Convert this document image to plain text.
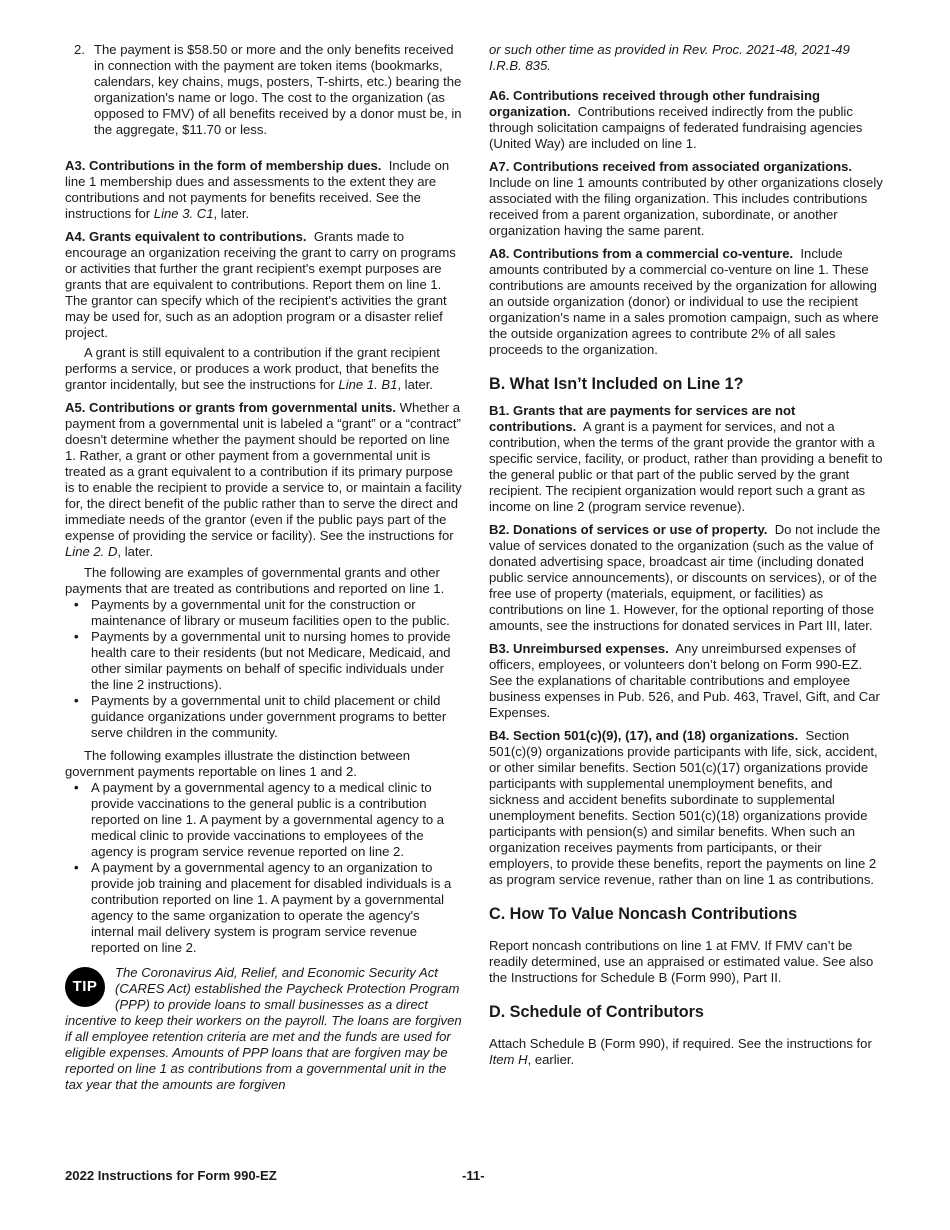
2. The payment is $58.50 or more and the only benefits received in connection with the payment are token items (bookmarks, calendars, key chains, mugs, posters, T-shirts, etc.) bearing the organization's name or logo. The cost to the organization (as opposed to FMV) of all benefits received by a donor must be, in the aggregate, $11.70 or less.

A3. Contributions in the form of membership dues. Include on line 1 membership dues and assessments to the extent they are contributions and not payments for benefits received. See the instructions for Line 3. C1, later.

A4. Grants equivalent to contributions. Grants made to encourage an organization receiving the grant to carry on programs or activities that further the grant recipient's exempt purposes are grants that are equivalent to contributions. Report them on line 1. The grantor can specify which of the recipient's activities the grant may be used for, such as an adoption program or a disaster relief project.

A grant is still equivalent to a contribution if the grant recipient performs a service, or produces a work product, that benefits the grantor incidentally, but see the instructions for Line 1. B1, later.

A5. Contributions or grants from governmental units. Whether a payment from a governmental unit is labeled a “grant” or a “contract” doesn't determine whether the payment should be reported on line 1. Rather, a grant or other payment from a governmental unit is treated as a grant equivalent to a contribution if its primary purpose is to enable the recipient to provide a service to, or maintain a facility for, the direct benefit of the public rather than to serve the direct and immediate needs of the grantor (even if the public pays part of the expense of providing the service or facility). See the instructions for Line 2. D, later.

The following are examples of governmental grants and other payments that are treated as contributions and reported on line 1.

• Payments by a governmental unit for the construction or maintenance of library or museum facilities open to the public.
• Payments by a governmental unit to nursing homes to provide health care to their residents (but not Medicare, Medicaid, and other similar payments on behalf of specific individuals under the line 2 instructions).
• Payments by a governmental unit to child placement or child guidance organizations under government programs to better serve children in the community.

The following examples illustrate the distinction between government payments reportable on lines 1 and 2.

• A payment by a governmental agency to a medical clinic to provide vaccinations to the general public is a contribution reported on line 1. A payment by a governmental agency to a medical clinic to provide vaccinations to employees of the agency is program service revenue reported on line 2.
• A payment by a governmental agency to an organization to provide job training and placement for disabled individuals is a contribution reported on line 1. A payment by a governmental agency to the same organization to operate the agency's internal mail delivery system is program service revenue reported on line 2.
TIP

The Coronavirus Aid, Relief, and Economic Security Act (CARES Act) established the Paycheck Protection Program (PPP) to provide loans to small businesses as a direct incentive to keep their workers on the payroll. The loans are forgiven if all employee retention criteria are met and the funds are used for eligible expenses. Amounts of PPP loans that are forgiven may be reported on line 1 as contributions from a governmental unit in the tax year that the amounts are forgiven

or such other time as provided in Rev. Proc. 2021-48, 2021-49 I.R.B. 835.

A6. Contributions received through other fundraising organization. Contributions received indirectly from the public through solicitation campaigns of federated fundraising agencies (United Way) are included on line 1.

A7. Contributions received from associated organizations. Include on line 1 amounts contributed by other organizations closely associated with the filing organization. This includes contributions received from a parent organization, subordinate, or another organization having the same parent.

A8. Contributions from a commercial co-venture. Include amounts contributed by a commercial co-venture on line 1. These contributions are amounts received by the organization for allowing an outside organization (donor) or individual to use the recipient organization's name in a sales promotion campaign, such as where the outside organization agrees to contribute 2% of all sales proceeds to the organization.

B. What Isn’t Included on Line 1?

B1. Grants that are payments for services are not contributions. A grant is a payment for services, and not a contribution, when the terms of the grant provide the grantor with a specific service, facility, or product, rather than providing a benefit to the general public or that part of the public served by the grant recipient. The recipient organization would report such a grant as income on line 2 (program service revenue).

B2. Donations of services or use of property. Do not include the value of services donated to the organization (such as the value of donated advertising space, broadcast air time (including donated public service announcements), or discounts on services), or of the free use of property (materials, equipment, or facilities) as contributions on line 1. However, for the optional reporting of those amounts, see the instructions for donated services in Part III, later.

B3. Unreimbursed expenses. Any unreimbursed expenses of officers, employees, or volunteers don’t belong on Form 990-EZ. See the explanations of charitable contributions and employee business expenses in Pub. 526, and Pub. 463, Travel, Gift, and Car Expenses.

B4. Section 501(c)(9), (17), and (18) organizations. Section 501(c)(9) organizations provide participants with life, sick, accident, or other similar benefits. Section 501(c)(17) organizations provide participants with supplemental unemployment benefits, and sickness and accident benefits subordinate to supplemental unemployment benefits. Section 501(c)(18) organizations provide participants with pension(s) and similar benefits. When such an organization receives payments from participants, or their employers, to provide these benefits, report the payments on line 2 as program service revenue, rather than on line 1 as contributions.

C. How To Value Noncash Contributions

Report noncash contributions on line 1 at FMV. If FMV can’t be readily determined, use an appraised or estimated value. See also the Instructions for Schedule B (Form 990), Part II.

D. Schedule of Contributors

Attach Schedule B (Form 990), if required. See the instructions for Item H, earlier.

2022 Instructions for Form 990-EZ	-11-
